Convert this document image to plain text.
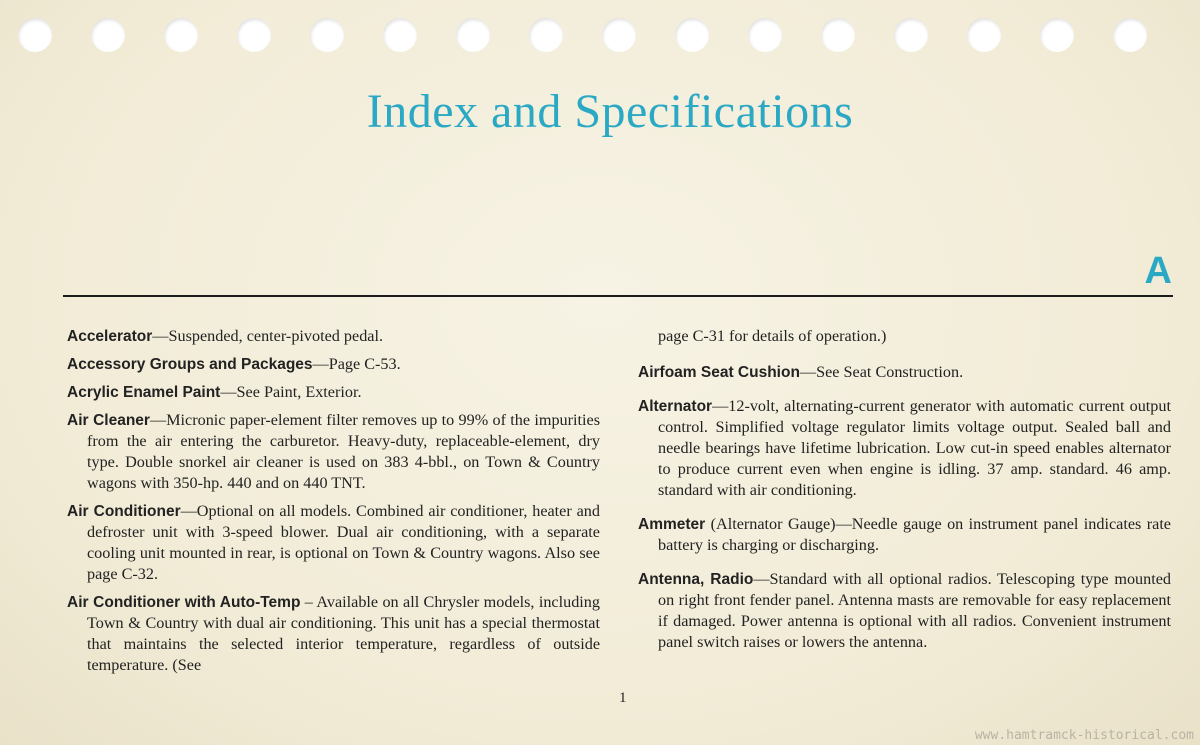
Index and Specifications
A
Accelerator—Suspended, center-pivoted pedal.
Accessory Groups and Packages—Page C-53.
Acrylic Enamel Paint—See Paint, Exterior.
Air Cleaner—Micronic paper-element filter removes up to 99% of the impurities from the air entering the carburetor. Heavy-duty, replaceable-element, dry type. Double snorkel air cleaner is used on 383 4-bbl., on Town & Country wagons with 350-hp. 440 and on 440 TNT.
Air Conditioner—Optional on all models. Combined air conditioner, heater and defroster unit with 3-speed blower. Dual air conditioning, with a separate cooling unit mounted in rear, is optional on Town & Country wagons. Also see page C-32.
Air Conditioner with Auto-Temp – Available on all Chrysler models, including Town & Country with dual air conditioning. This unit has a special thermostat that maintains the selected interior temperature, regardless of outside temperature. (See
page C-31 for details of operation.)
Airfoam Seat Cushion—See Seat Construction.
Alternator—12-volt, alternating-current generator with automatic current output control. Simplified voltage regulator limits voltage output. Sealed ball and needle bearings have lifetime lubrication. Low cut-in speed enables alternator to produce current even when engine is idling. 37 amp. standard. 46 amp. standard with air conditioning.
Ammeter (Alternator Gauge)—Needle gauge on instrument panel indicates rate battery is charging or discharging.
Antenna, Radio—Standard with all optional radios. Telescoping type mounted on right front fender panel. Antenna masts are removable for easy replacement if damaged. Power antenna is optional with all radios. Convenient instrument panel switch raises or lowers the antenna.
1
www.hamtramck-historical.com
